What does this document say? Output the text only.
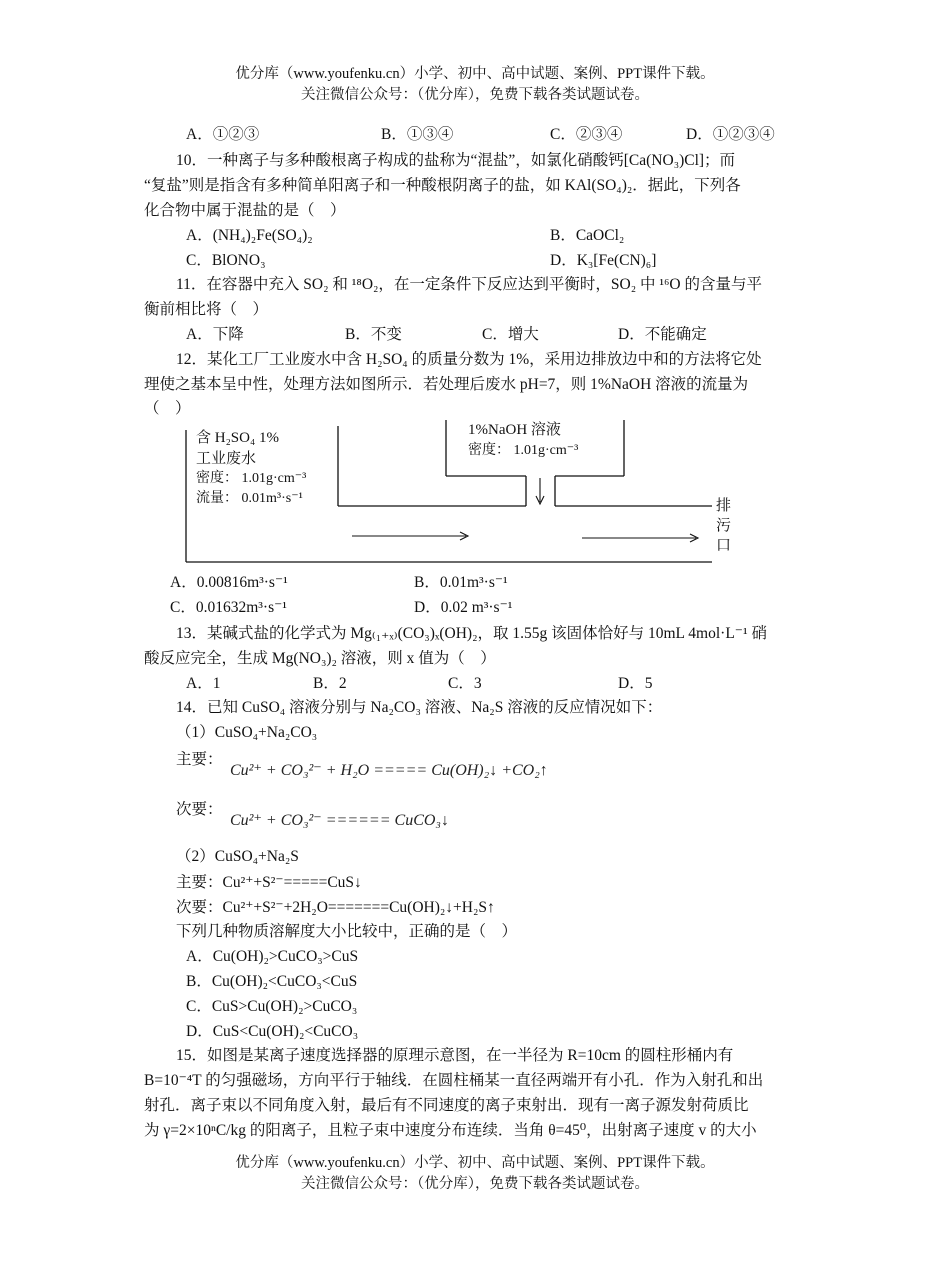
优分库（www.youfenku.cn）小学、初中、高中试题、案例、PPT课件下载。
关注微信公众号：（优分库），免费下载各类试题试卷。
A．①②③	B．①③④	C．②③④	D．①②③④
10．一种离子与多种酸根离子构成的盐称为“混盐”，如氯化硝酸钙[Ca(NO₃)Cl]；而
“复盐”则是指含有多种简单阳离子和一种酸根阴离子的盐，如 KAl(SO₄)₂．据此，下列各
化合物中属于混盐的是（　）
A．(NH₄)₂Fe(SO₄)₂	B．CaOCl₂
C．BlONO₃	D．K₃[Fe(CN)₆]
11．在容器中充入 SO₂ 和 ¹⁸O₂，在一定条件下反应达到平衡时，SO₂ 中 ¹⁶O 的含量与平
衡前相比将（　）
A．下降	B．不变	C．增大	D．不能确定
12．某化工厂工业废水中含 H₂SO₄ 的质量分数为 1%，采用边排放边中和的方法将它处
理使之基本呈中性，处理方法如图所示．若处理后废水 pH=7，则 1%NaOH 溶液的流量为
（　）
含 H₂SO₄ 1%
工业废水
密度： 1.01g·cm⁻³
流量： 0.01m³·s⁻¹
1%NaOH 溶液
密度： 1.01g·cm⁻³
排
污
口
A．0.00816m³·s⁻¹	B．0.01m³·s⁻¹
C．0.01632m³·s⁻¹	D．0.02 m³·s⁻¹
13．某碱式盐的化学式为 Mg₍₁₊ₓ₎(CO₃)ₓ(OH)₂，取 1.55g 该固体恰好与 10mL 4mol·L⁻¹ 硝
酸反应完全，生成 Mg(NO₃)₂ 溶液，则 x 值为（　）
A．1	B．2	C．3	D．5
14．已知 CuSO₄ 溶液分别与 Na₂CO₃ 溶液、Na₂S 溶液的反应情况如下：
（1）CuSO₄+Na₂CO₃
主要：
Cu²⁺ + CO₃²⁻ + H₂O ===== Cu(OH)₂↓ +CO₂↑
次要：
Cu²⁺ + CO₃²⁻ ====== CuCO₃↓
（2）CuSO₄+Na₂S
主要：Cu²⁺+S²⁻=====CuS↓
次要：Cu²⁺+S²⁻+2H₂O=======Cu(OH)₂↓+H₂S↑
下列几种物质溶解度大小比较中，正确的是（　）
A．Cu(OH)₂>CuCO₃>CuS
B．Cu(OH)₂<CuCO₃<CuS
C．CuS>Cu(OH)₂>CuCO₃
D．CuS<Cu(OH)₂<CuCO₃
15．如图是某离子速度选择器的原理示意图，在一半径为 R=10cm 的圆柱形桶内有
B=10⁻⁴T 的匀强磁场，方向平行于轴线．在圆柱桶某一直径两端开有小孔．作为入射孔和出
射孔．离子束以不同角度入射，最后有不同速度的离子束射出．现有一离子源发射荷质比
为 γ=2×10ⁿC/kg 的阳离子，且粒子束中速度分布连续．当角 θ=45⁰，出射离子速度 v 的大小
优分库（www.youfenku.cn）小学、初中、高中试题、案例、PPT课件下载。
关注微信公众号：（优分库），免费下载各类试题试卷。
